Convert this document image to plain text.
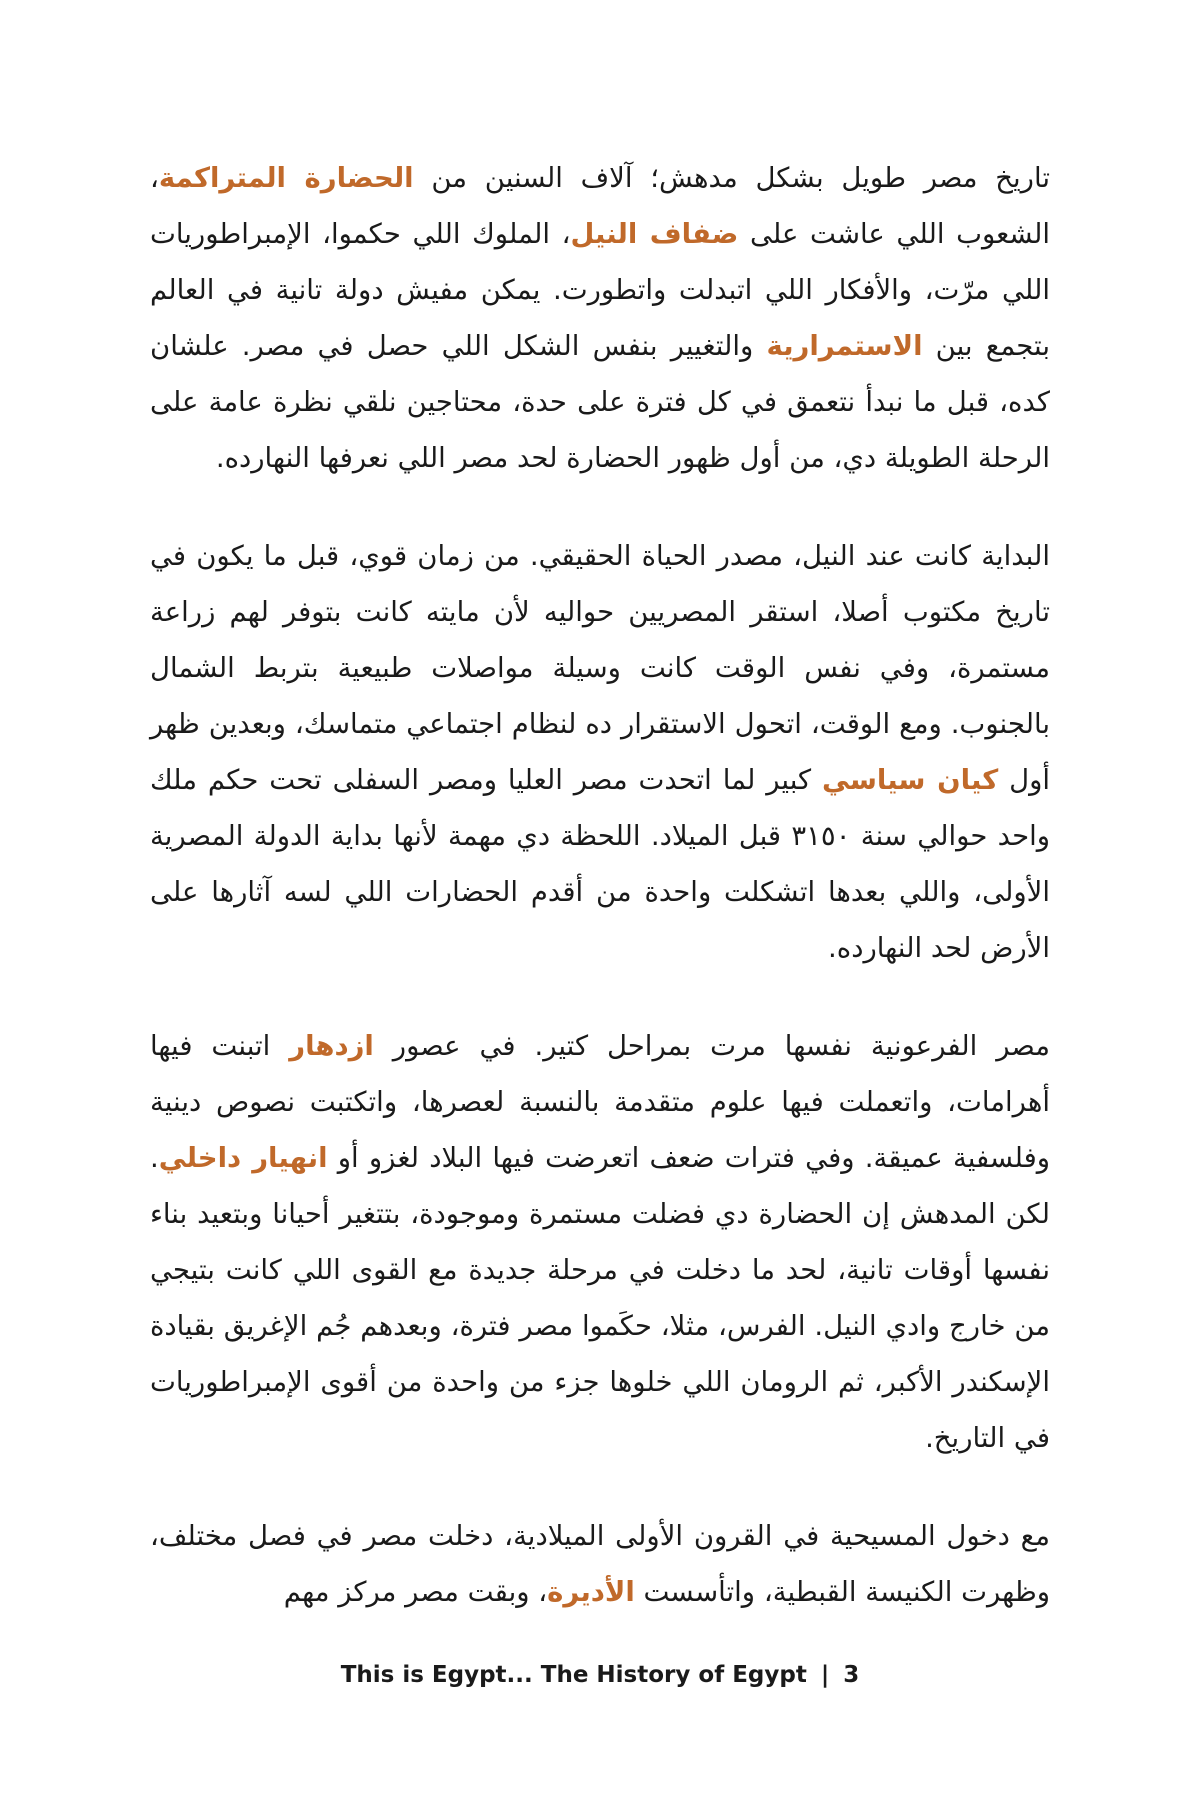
تاريخ مصر طويل بشكل مدهش؛ آلاف السنين من الحضارة المتراكمة، الشعوب اللي عاشت على ضفاف النيل، الملوك اللي حكموا، الإمبراطوريات اللي مرّت، والأفكار اللي اتبدلت واتطورت. يمكن مفيش دولة تانية في العالم بتجمع بين الاستمرارية والتغيير بنفس الشكل اللي حصل في مصر. علشان كده، قبل ما نبدأ نتعمق في كل فترة على حدة، محتاجين نلقي نظرة عامة على الرحلة الطويلة دي، من أول ظهور الحضارة لحد مصر اللي نعرفها النهارده.

البداية كانت عند النيل، مصدر الحياة الحقيقي. من زمان قوي، قبل ما يكون في تاريخ مكتوب أصلا، استقر المصريين حواليه لأن مايته كانت بتوفر لهم زراعة مستمرة، وفي نفس الوقت كانت وسيلة مواصلات طبيعية بتربط الشمال بالجنوب. ومع الوقت، اتحول الاستقرار ده لنظام اجتماعي متماسك، وبعدين ظهر أول كيان سياسي كبير لما اتحدت مصر العليا ومصر السفلى تحت حكم ملك واحد حوالي سنة ٣١٥٠ قبل الميلاد. اللحظة دي مهمة لأنها بداية الدولة المصرية الأولى، واللي بعدها اتشكلت واحدة من أقدم الحضارات اللي لسه آثارها على الأرض لحد النهارده.

مصر الفرعونية نفسها مرت بمراحل كتير. في عصور ازدهار اتبنت فيها أهرامات، واتعملت فيها علوم متقدمة بالنسبة لعصرها، واتكتبت نصوص دينية وفلسفية عميقة. وفي فترات ضعف اتعرضت فيها البلاد لغزو أو انهيار داخلي. لكن المدهش إن الحضارة دي فضلت مستمرة وموجودة، بتتغير أحيانا وبتعيد بناء نفسها أوقات تانية، لحد ما دخلت في مرحلة جديدة مع القوى اللي كانت بتيجي من خارج وادي النيل. الفرس، مثلا، حكَموا مصر فترة، وبعدهم جُم الإغريق بقيادة الإسكندر الأكبر، ثم الرومان اللي خلوها جزء من واحدة من أقوى الإمبراطوريات في التاريخ.

مع دخول المسيحية في القرون الأولى الميلادية، دخلت مصر في فصل مختلف، وظهرت الكنيسة القبطية، واتأسست الأديرة، وبقت مصر مركز مهم

This is Egypt... The History of Egypt | 3
